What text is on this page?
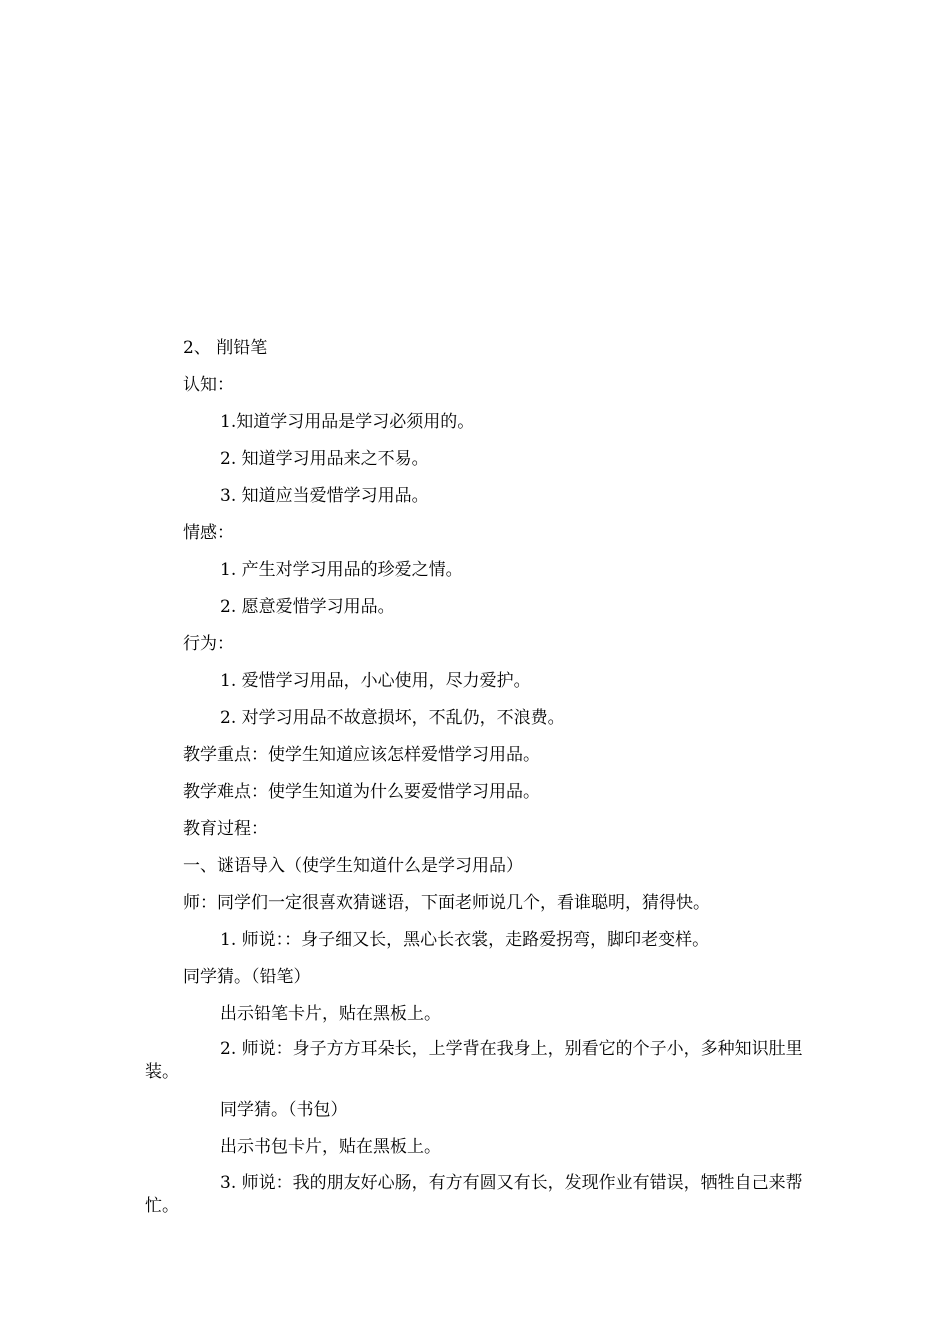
2、 削铅笔
认知：
1.知道学习用品是学习必须用的。
2. 知道学习用品来之不易。
3. 知道应当爱惜学习用品。
情感：
1. 产生对学习用品的珍爱之情。
2. 愿意爱惜学习用品。
行为：
1. 爱惜学习用品，小心使用，尽力爱护。
2. 对学习用品不故意损坏，不乱仍，不浪费。
教学重点：使学生知道应该怎样爱惜学习用品。
教学难点：使学生知道为什么要爱惜学习用品。
教育过程：
一、谜语导入（使学生知道什么是学习用品）
师：同学们一定很喜欢猜谜语，下面老师说几个，看谁聪明，猜得快。
1. 师说：：身子细又长，黑心长衣裳，走路爱拐弯，脚印老变样。
同学猜。（铅笔）
出示铅笔卡片，贴在黑板上。
2. 师说：身子方方耳朵长，上学背在我身上，别看它的个子小，多种知识肚里装。
同学猜。（书包）
出示书包卡片，贴在黑板上。
3. 师说：我的朋友好心肠，有方有圆又有长，发现作业有错误，牺牲自己来帮忙。
